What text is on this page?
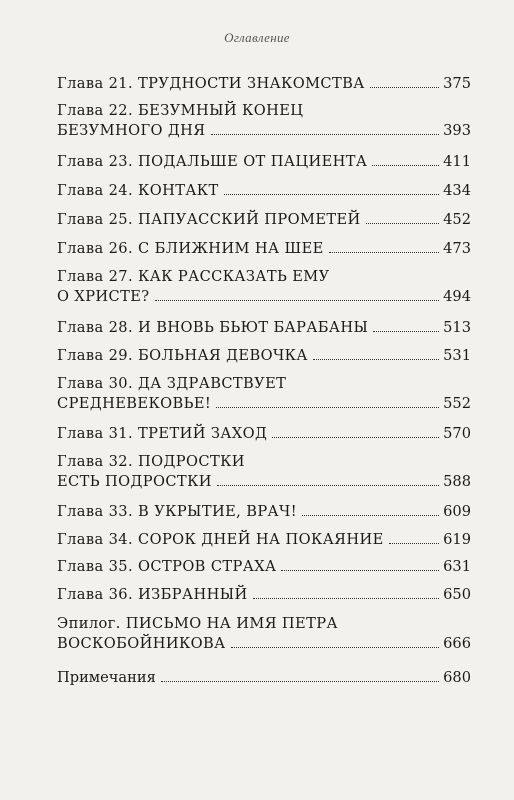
Оглавление
Глава 21. ТРУДНОСТИ ЗНАКОМСТВА	375
Глава 22. БЕЗУМНЫЙ КОНЕЦ
БЕЗУМНОГО ДНЯ	393
Глава 23. ПОДАЛЬШЕ ОТ ПАЦИЕНТА	411
Глава 24. КОНТАКТ	434
Глава 25. ПАПУАССКИЙ ПРОМЕТЕЙ	452
Глава 26. С БЛИЖНИМ НА ШЕЕ	473
Глава 27. КАК РАССКАЗАТЬ ЕМУ
О ХРИСТЕ?	494
Глава 28. И ВНОВЬ БЬЮТ БАРАБАНЫ	513
Глава 29. БОЛЬНАЯ ДЕВОЧКА	531
Глава 30. ДА ЗДРАВСТВУЕТ
СРЕДНЕВЕКОВЬЕ!	552
Глава 31. ТРЕТИЙ ЗАХОД	570
Глава 32. ПОДРОСТКИ
ЕСТЬ ПОДРОСТКИ	588
Глава 33. В УКРЫТИЕ, ВРАЧ!	609
Глава 34. СОРОК ДНЕЙ НА ПОКАЯНИЕ	619
Глава 35. ОСТРОВ СТРАХА	631
Глава 36. ИЗБРАННЫЙ	650
Эпилог. ПИСЬМО НА ИМЯ ПЕТРА
ВОСКОБОЙНИКОВА	666
Примечания	680
